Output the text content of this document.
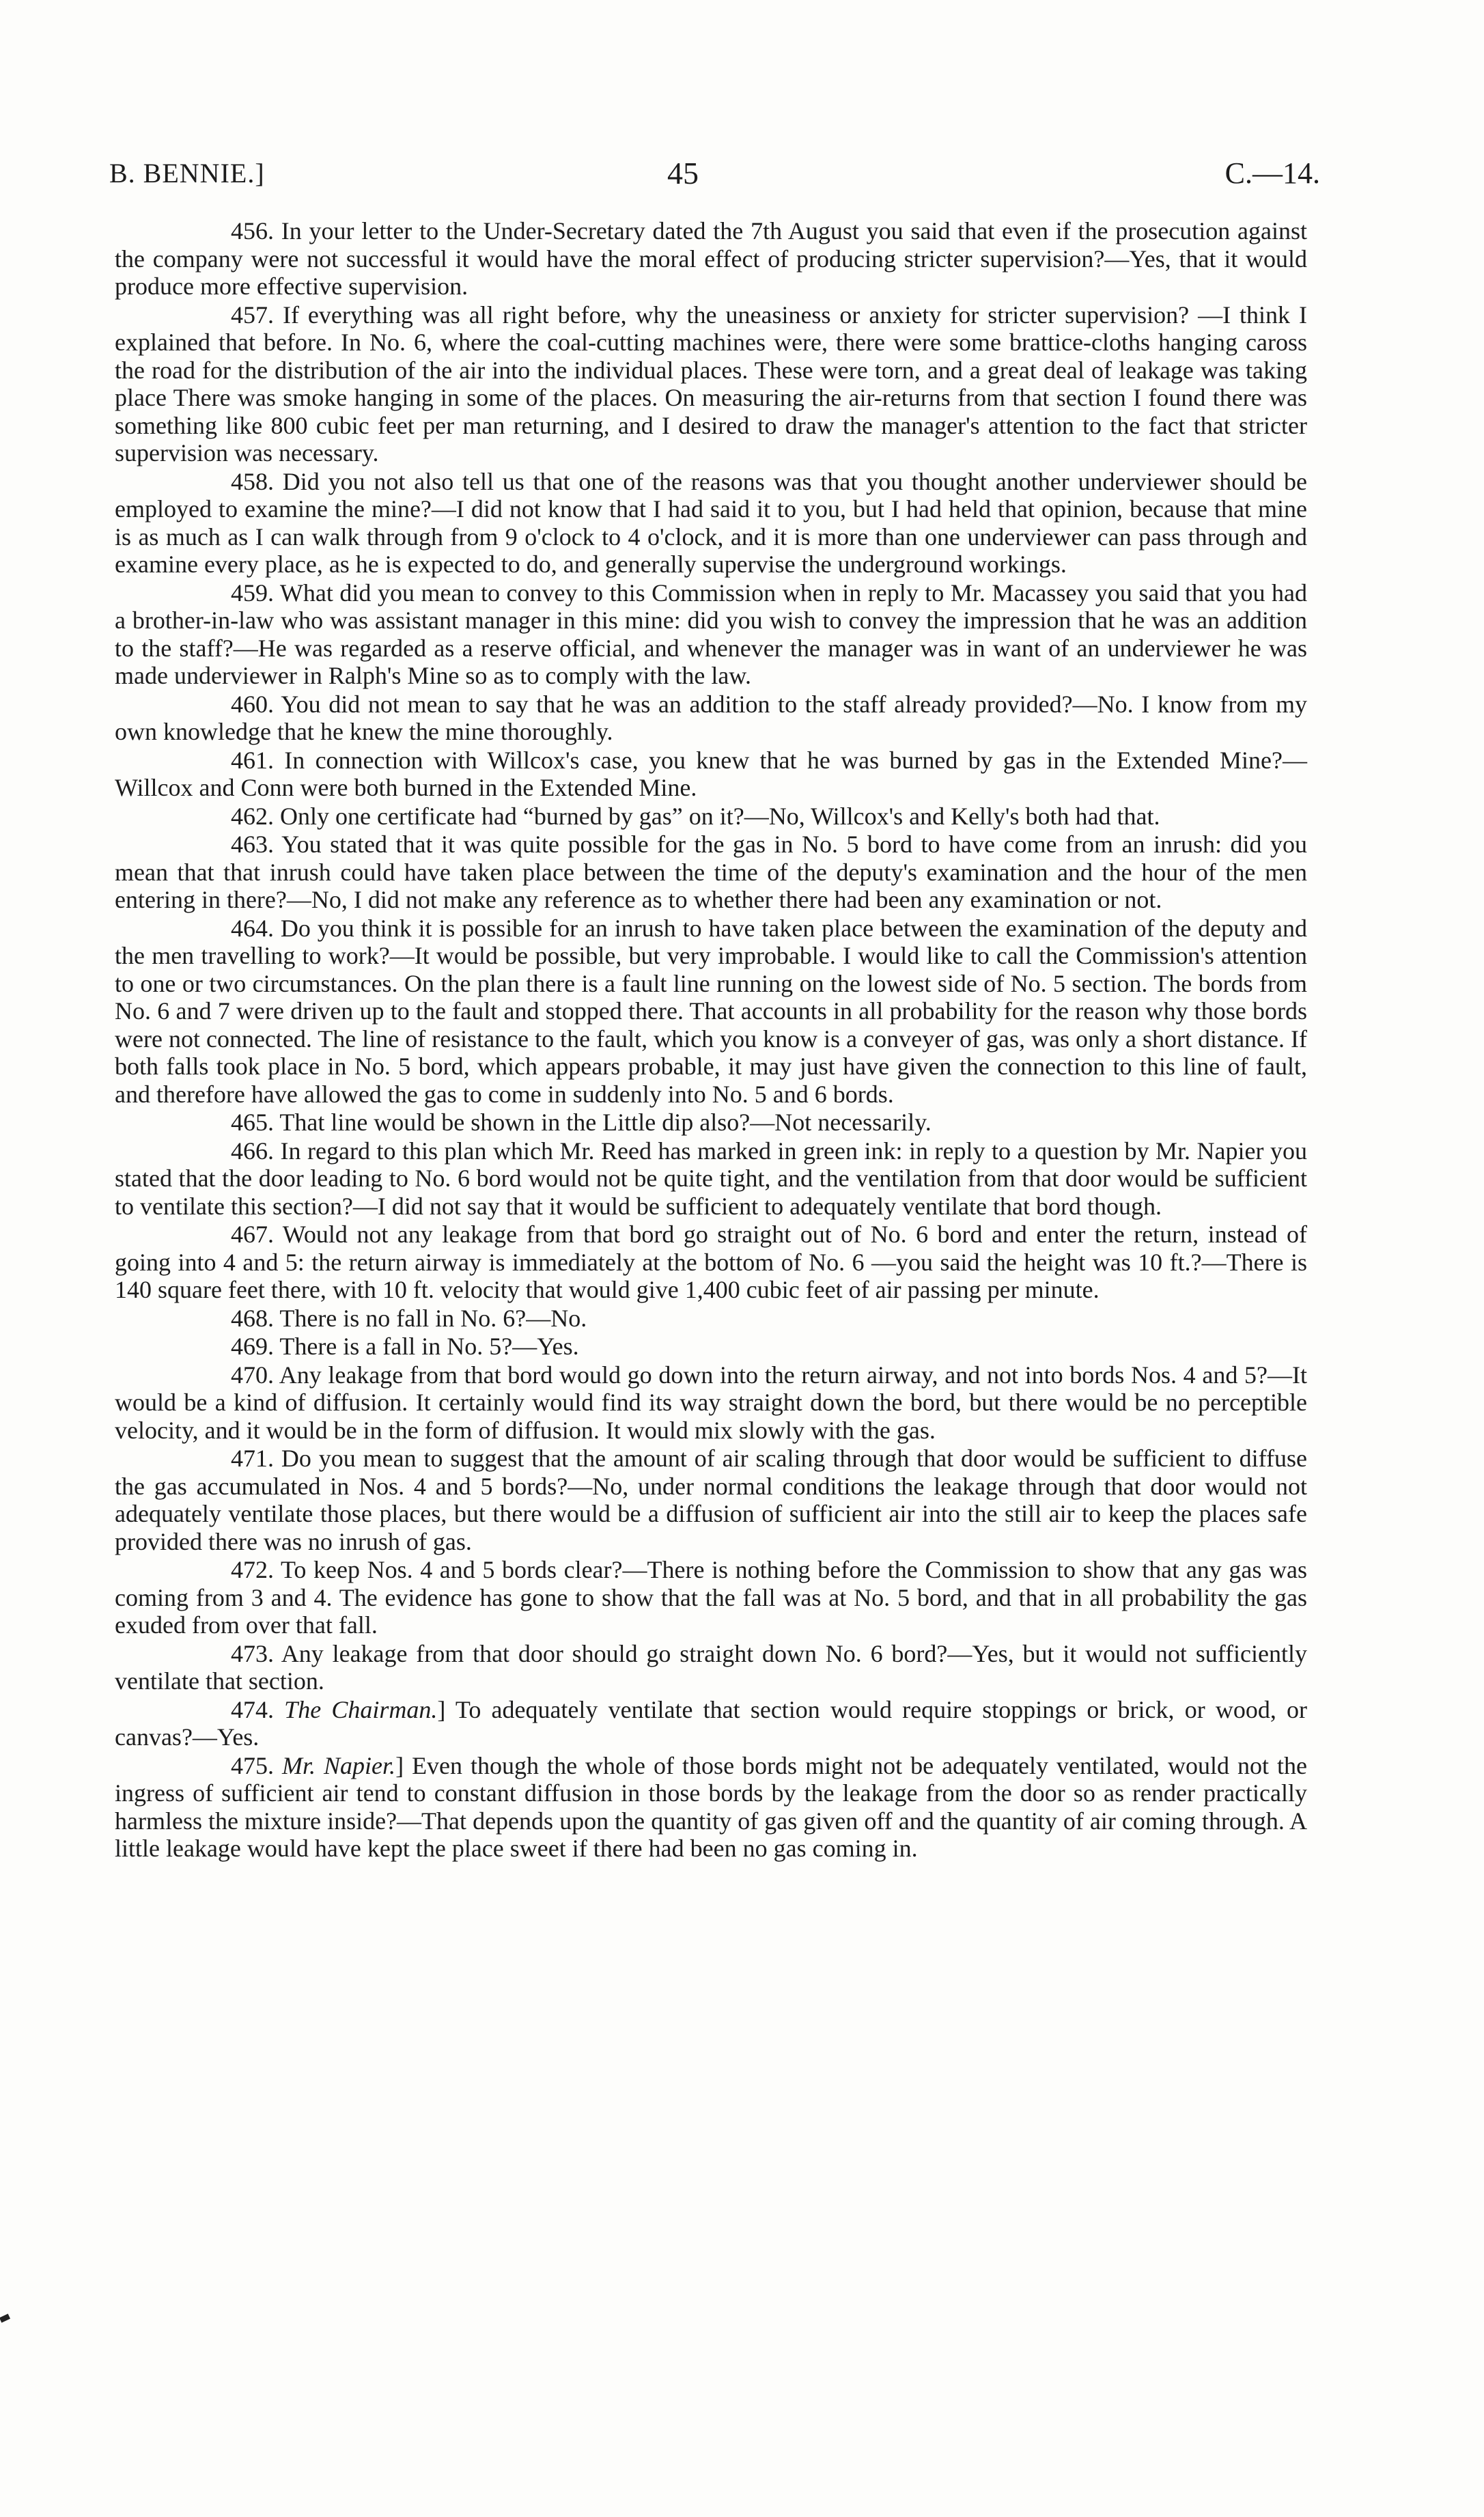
B. BENNIE.]	45	C.—14.

456. In your letter to the Under-Secretary dated the 7th August you said that even if the prosecution against the company were not successful it would have the moral effect of producing stricter supervision?—Yes, that it would produce more effective supervision.

457. If everything was all right before, why the uneasiness or anxiety for stricter supervision? —I think I explained that before. In No. 6, where the coal-cutting machines were, there were some brattice-cloths hanging caross the road for the distribution of the air into the individual places. These were torn, and a great deal of leakage was taking place There was smoke hanging in some of the places. On measuring the air-returns from that section I found there was something like 800 cubic feet per man returning, and I desired to draw the manager's attention to the fact that stricter supervision was necessary.

458. Did you not also tell us that one of the reasons was that you thought another underviewer should be employed to examine the mine?—I did not know that I had said it to you, but I had held that opinion, because that mine is as much as I can walk through from 9 o'clock to 4 o'clock, and it is more than one underviewer can pass through and examine every place, as he is expected to do, and generally supervise the underground workings.

459. What did you mean to convey to this Commission when in reply to Mr. Macassey you said that you had a brother-in-law who was assistant manager in this mine: did you wish to convey the impression that he was an addition to the staff?—He was regarded as a reserve official, and whenever the manager was in want of an underviewer he was made underviewer in Ralph's Mine so as to comply with the law.

460. You did not mean to say that he was an addition to the staff already provided?—No. I know from my own knowledge that he knew the mine thoroughly.

461. In connection with Willcox's case, you knew that he was burned by gas in the Extended Mine?—Willcox and Conn were both burned in the Extended Mine.

462. Only one certificate had “burned by gas” on it?—No, Willcox's and Kelly's both had that.

463. You stated that it was quite possible for the gas in No. 5 bord to have come from an inrush: did you mean that that inrush could have taken place between the time of the deputy's examination and the hour of the men entering in there?—No, I did not make any reference as to whether there had been any examination or not.

464. Do you think it is possible for an inrush to have taken place between the examination of the deputy and the men travelling to work?—It would be possible, but very improbable. I would like to call the Commission's attention to one or two circumstances. On the plan there is a fault line running on the lowest side of No. 5 section. The bords from No. 6 and 7 were driven up to the fault and stopped there. That accounts in all probability for the reason why those bords were not connected. The line of resistance to the fault, which you know is a conveyer of gas, was only a short distance. If both falls took place in No. 5 bord, which appears probable, it may just have given the connection to this line of fault, and therefore have allowed the gas to come in suddenly into No. 5 and 6 bords.

465. That line would be shown in the Little dip also?—Not necessarily.

466. In regard to this plan which Mr. Reed has marked in green ink: in reply to a question by Mr. Napier you stated that the door leading to No. 6 bord would not be quite tight, and the ventilation from that door would be sufficient to ventilate this section?—I did not say that it would be sufficient to adequately ventilate that bord though.

467. Would not any leakage from that bord go straight out of No. 6 bord and enter the return, instead of going into 4 and 5: the return airway is immediately at the bottom of No. 6 —you said the height was 10 ft.?—There is 140 square feet there, with 10 ft. velocity that would give 1,400 cubic feet of air passing per minute.

468. There is no fall in No. 6?—No.

469. There is a fall in No. 5?—Yes.

470. Any leakage from that bord would go down into the return airway, and not into bords Nos. 4 and 5?—It would be a kind of diffusion. It certainly would find its way straight down the bord, but there would be no perceptible velocity, and it would be in the form of diffusion. It would mix slowly with the gas.

471. Do you mean to suggest that the amount of air scaling through that door would be sufficient to diffuse the gas accumulated in Nos. 4 and 5 bords?—No, under normal conditions the leakage through that door would not adequately ventilate those places, but there would be a diffusion of sufficient air into the still air to keep the places safe provided there was no inrush of gas.

472. To keep Nos. 4 and 5 bords clear?—There is nothing before the Commission to show that any gas was coming from 3 and 4. The evidence has gone to show that the fall was at No. 5 bord, and that in all probability the gas exuded from over that fall.

473. Any leakage from that door should go straight down No. 6 bord?—Yes, but it would not sufficiently ventilate that section.

474. The Chairman.] To adequately ventilate that section would require stoppings or brick, or wood, or canvas?—Yes.

475. Mr. Napier.] Even though the whole of those bords might not be adequately ventilated, would not the ingress of sufficient air tend to constant diffusion in those bords by the leakage from the door so as render practically harmless the mixture inside?—That depends upon the quantity of gas given off and the quantity of air coming through. A little leakage would have kept the place sweet if there had been no gas coming in.
